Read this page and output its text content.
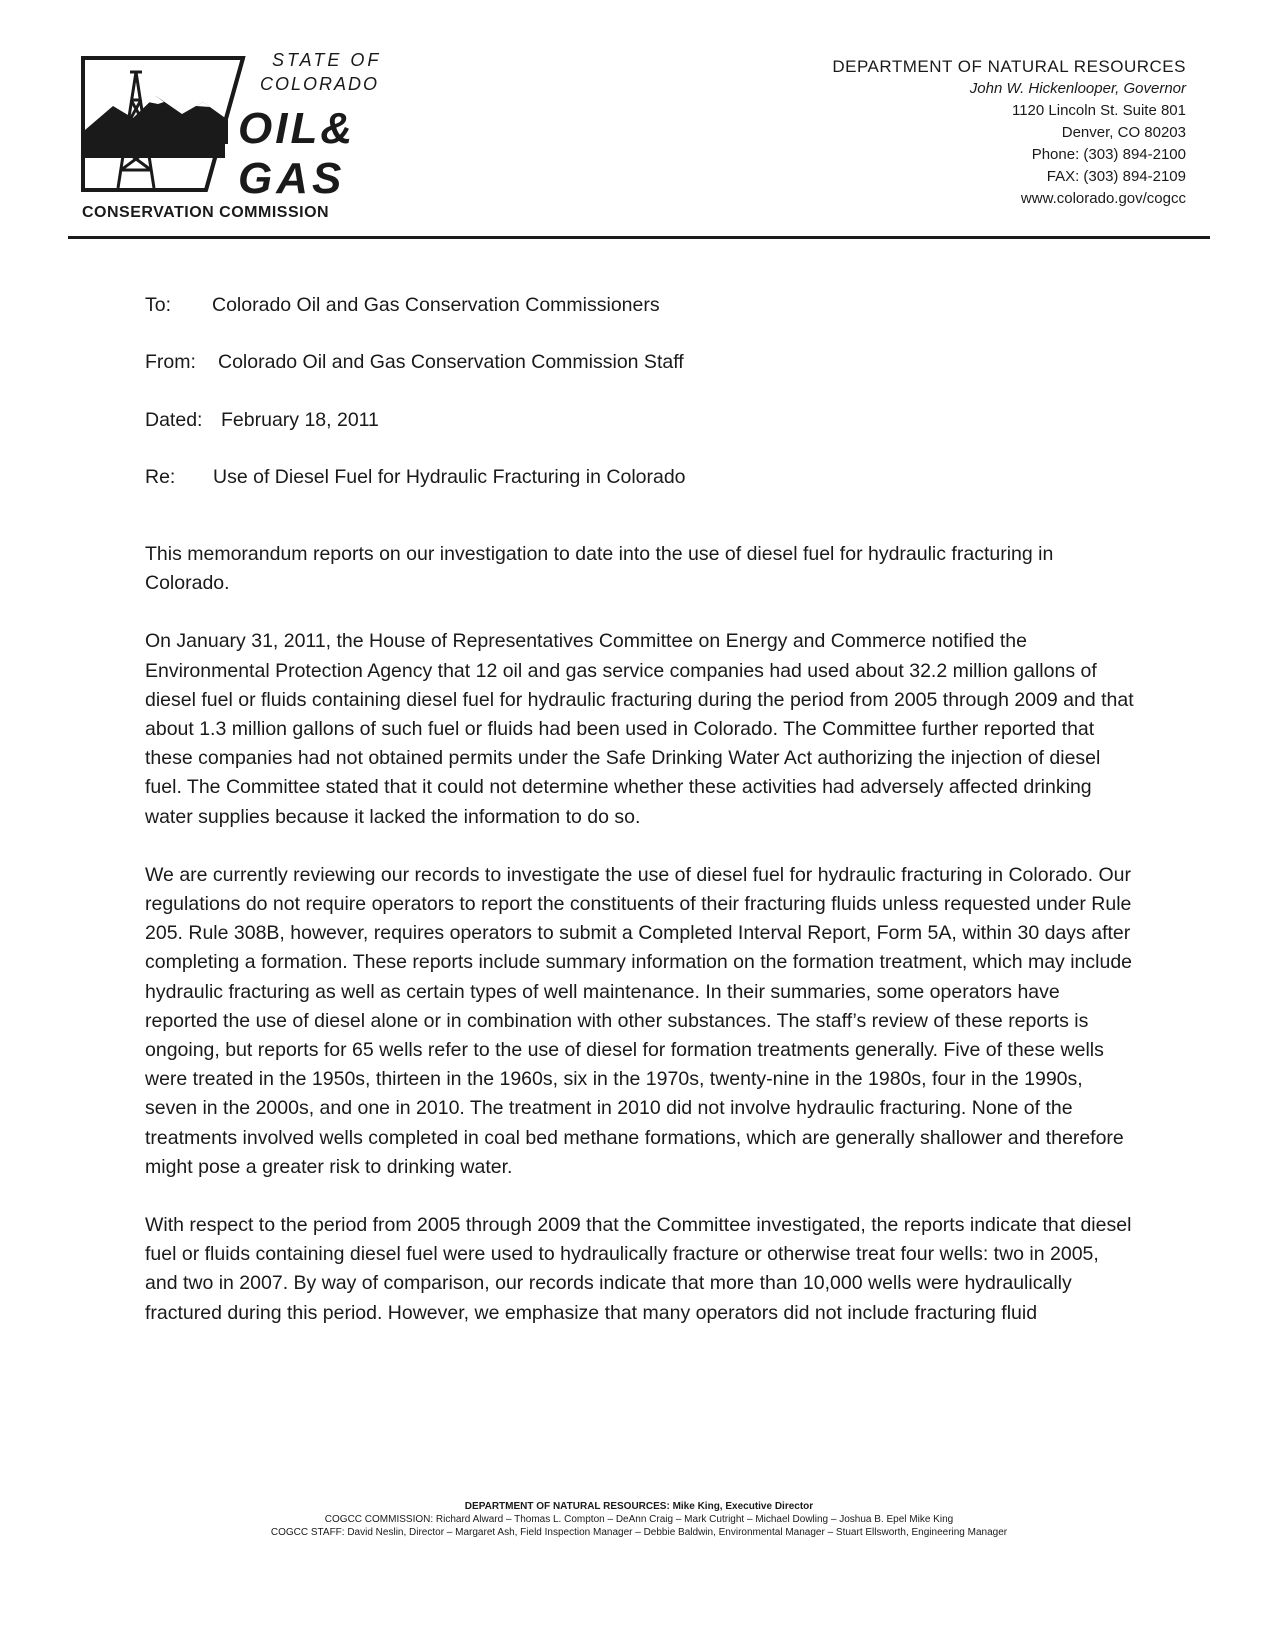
STATE OF
COLORADO
OIL&
GAS
CONSERVATION COMMISSION
DEPARTMENT OF NATURAL RESOURCES
John W. Hickenlooper, Governor
1120 Lincoln St. Suite 801
Denver, CO 80203
Phone: (303) 894-2100
FAX: (303) 894-2109
www.colorado.gov/cogcc
To: Colorado Oil and Gas Conservation Commissioners
From: Colorado Oil and Gas Conservation Commission Staff
Dated: February 18, 2011
Re: Use of Diesel Fuel for Hydraulic Fracturing in Colorado

This memorandum reports on our investigation to date into the use of diesel fuel for hydraulic fracturing in Colorado.

On January 31, 2011, the House of Representatives Committee on Energy and Commerce notified the Environmental Protection Agency that 12 oil and gas service companies had used about 32.2 million gallons of diesel fuel or fluids containing diesel fuel for hydraulic fracturing during the period from 2005 through 2009 and that about 1.3 million gallons of such fuel or fluids had been used in Colorado. The Committee further reported that these companies had not obtained permits under the Safe Drinking Water Act authorizing the injection of diesel fuel. The Committee stated that it could not determine whether these activities had adversely affected drinking water supplies because it lacked the information to do so.

We are currently reviewing our records to investigate the use of diesel fuel for hydraulic fracturing in Colorado. Our regulations do not require operators to report the constituents of their fracturing fluids unless requested under Rule 205. Rule 308B, however, requires operators to submit a Completed Interval Report, Form 5A, within 30 days after completing a formation. These reports include summary information on the formation treatment, which may include hydraulic fracturing as well as certain types of well maintenance. In their summaries, some operators have reported the use of diesel alone or in combination with other substances. The staff’s review of these reports is ongoing, but reports for 65 wells refer to the use of diesel for formation treatments generally. Five of these wells were treated in the 1950s, thirteen in the 1960s, six in the 1970s, twenty-nine in the 1980s, four in the 1990s, seven in the 2000s, and one in 2010. The treatment in 2010 did not involve hydraulic fracturing. None of the treatments involved wells completed in coal bed methane formations, which are generally shallower and therefore might pose a greater risk to drinking water.

With respect to the period from 2005 through 2009 that the Committee investigated, the reports indicate that diesel fuel or fluids containing diesel fuel were used to hydraulically fracture or otherwise treat four wells: two in 2005, and two in 2007. By way of comparison, our records indicate that more than 10,000 wells were hydraulically fractured during this period. However, we emphasize that many operators did not include fracturing fluid

DEPARTMENT OF NATURAL RESOURCES: Mike King, Executive Director
COGCC COMMISSION: Richard Alward – Thomas L. Compton – DeAnn Craig – Mark Cutright – Michael Dowling – Joshua B. Epel Mike King
COGCC STAFF: David Neslin, Director – Margaret Ash, Field Inspection Manager – Debbie Baldwin, Environmental Manager – Stuart Ellsworth, Engineering Manager
